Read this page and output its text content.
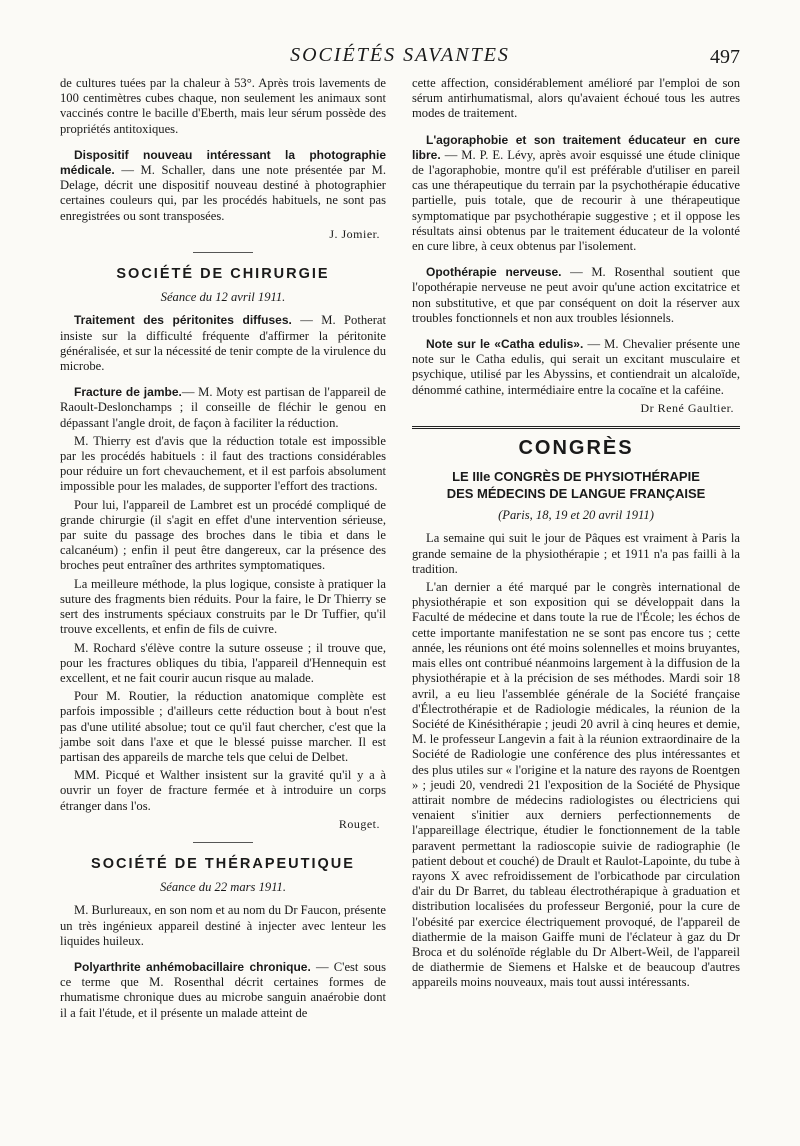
SOCIÉTÉS SAVANTES	497

de cultures tuées par la chaleur à 53°. Après trois lavements de 100 centimètres cubes chaque, non seulement les animaux sont vaccinés contre le bacille d'Eberth, mais leur sérum possède des propriétés antitoxiques.

Dispositif nouveau intéressant la photographie médicale. — M. Schaller, dans une note présentée par M. Delage, décrit une dispositif nouveau destiné à photographier certaines couleurs qui, par les procédés habituels, ne sont pas enregistrées ou sont transposées.

J. Jomier.
SOCIÉTÉ DE CHIRURGIE
Séance du 12 avril 1911.

Traitement des péritonites diffuses. — M. Potherat insiste sur la difficulté fréquente d'affirmer la péritonite généralisée, et sur la nécessité de tenir compte de la virulence du microbe.

Fracture de jambe.— M. Moty est partisan de l'appareil de Raoult-Deslonchamps ; il conseille de fléchir le genou en dépassant l'angle droit, de façon à faciliter la réduction.

M. Thierry est d'avis que la réduction totale est impossible par les procédés habituels : il faut des tractions considérables pour réduire un fort chevauchement, et il est parfois absolument impossible pour les malades, de supporter l'effort des tractions.

Pour lui, l'appareil de Lambret est un procédé compliqué de grande chirurgie (il s'agit en effet d'une intervention sérieuse, par suite du passage des broches dans le tibia et dans le calcanéum) ; enfin il peut être dangereux, car la présence des broches peut entraîner des arthrites symptomatiques.

La meilleure méthode, la plus logique, consiste à pratiquer la suture des fragments bien réduits. Pour la faire, le Dr Thierry se sert des instruments spéciaux construits par le Dr Tuffier, qu'il trouve excellents, et enfin de fils de cuivre.

M. Rochard s'élève contre la suture osseuse ; il trouve que, pour les fractures obliques du tibia, l'appareil d'Hennequin est excellent, et ne fait courir aucun risque au malade.

Pour M. Routier, la réduction anatomique complète est parfois impossible ; d'ailleurs cette réduction bout à bout n'est pas d'une utilité absolue; tout ce qu'il faut chercher, c'est que la jambe soit dans l'axe et que le blessé puisse marcher. Il est partisan des appareils de marche tels que celui de Delbet.

MM. Picqué et Walther insistent sur la gravité qu'il y a à ouvrir un foyer de fracture fermée et à introduire un corps étranger dans l'os.

Rouget.
SOCIÉTÉ DE THÉRAPEUTIQUE
Séance du 22 mars 1911.

M. Burlureaux, en son nom et au nom du Dr Faucon, présente un très ingénieux appareil destiné à injecter avec lenteur les liquides huileux.

Polyarthrite anhémobacillaire chronique. — C'est sous ce terme que M. Rosenthal décrit certaines formes de rhumatisme chronique dues au microbe sanguin anaérobie dont il a fait l'étude, et il présente un malade atteint de

cette affection, considérablement amélioré par l'emploi de son sérum antirhumatismal, alors qu'avaient échoué tous les autres modes de traitement.

L'agoraphobie et son traitement éducateur en cure libre. — M. P. E. Lévy, après avoir esquissé une étude clinique de l'agoraphobie, montre qu'il est préférable d'utiliser en pareil cas une thérapeutique du terrain par la psychothérapie éducative partielle, puis totale, que de recourir à une thérapeutique symptomatique par psychothérapie suggestive ; et il oppose les résultats ainsi obtenus par le traitement éducateur de la volonté en cure libre, à ceux obtenus par l'isolement.

Opothérapie nerveuse. — M. Rosenthal soutient que l'opothérapie nerveuse ne peut avoir qu'une action excitatrice et non substitutive, et que par conséquent on doit la réserver aux troubles fonctionnels et non aux troubles lésionnels.

Note sur le «Catha edulis». — M. Chevalier présente une note sur le Catha edulis, qui serait un excitant musculaire et psychique, utilisé par les Abyssins, et contiendrait un alcaloïde, dénommé cathine, intermédiaire entre la cocaïne et la caféine.

Dr René Gaultier.
CONGRÈS
LE IIIe CONGRÈS DE PHYSIOTHÉRAPIE
DES MÉDECINS DE LANGUE FRANÇAISE
(Paris, 18, 19 et 20 avril 1911)

La semaine qui suit le jour de Pâques est vraiment à Paris la grande semaine de la physiothérapie ; et 1911 n'a pas failli à la tradition.

L'an dernier a été marqué par le congrès international de physiothérapie et son exposition qui se développait dans la Faculté de médecine et dans toute la rue de l'École; les échos de cette importante manifestation ne se sont pas encore tus ; cette année, les réunions ont été moins solennelles et moins bruyantes, mais elles ont contribué néanmoins largement à la diffusion de la physiothérapie et à la précision de ses méthodes. Mardi soir 18 avril, a eu lieu l'assemblée générale de la Société française d'Électrothérapie et de Radiologie médicales, la réunion de la Société de Kinésithérapie ; jeudi 20 avril à cinq heures et demie, M. le professeur Langevin a fait à la réunion extraordinaire de la Société de Radiologie une conférence des plus intéressantes et des plus utiles sur « l'origine et la nature des rayons de Roentgen » ; jeudi 20, vendredi 21 l'exposition de la Société de Physique attirait nombre de médecins radiologistes ou électriciens qui venaient s'initier aux derniers perfectionnements de l'appareillage électrique, étudier le fonctionnement de la table paravent permettant la radioscopie suivie de radiographie (le patient debout et couché) de Drault et Raulot-Lapointe, du tube à rayons X avec refroidissement de l'orbicathode par circulation d'air du Dr Barret, du tableau électrothérapique à graduation et distribution localisées du professeur Bergonié, pour la cure de l'obésité par exercice électriquement provoqué, de l'appareil de diathermie de la maison Gaiffe muni de l'éclateur à gaz du Dr Broca et du solénoïde réglable du Dr Albert-Weil, de l'appareil de diathermie de Siemens et Halske et de beaucoup d'autres appareils moins nouveaux, mais tout aussi intéressants.
